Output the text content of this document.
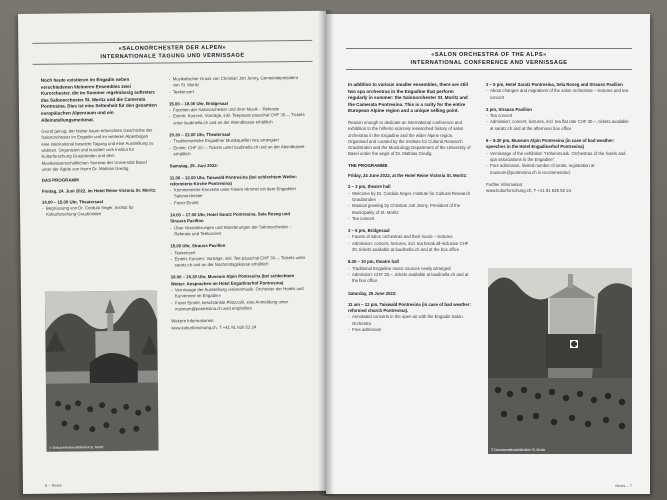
«SALONORCHESTER DER ALPEN»
INTERNATIONALE TAGUNG UND VERNISSAGE

Noch heute existieren im Engadin neben verschiedenen kleineren Ensembles zwei Kurorchester, die im Sommer regelmässig auftreten: das Salonorchester St. Moritz und die Camerata Pontresina. Dies ist eine Seltenheit für den gesamten europäischen Alpenraum und ein Alleinstellungsmerkmal.

Grund genug, der bisher kaum erforschten Geschichte der Salonorchester im Engadin und im weiteren Alpenbogen eine international besetzte Tagung und eine Ausstellung zu widmen. Organisiert und kuratiert vom Institut für Kulturforschung Graubünden und dem Musikwissenschaftlichen Seminar der Universität Basel unter der Ägide von Herrn Dr. Mathias Gredig.

DAS PROGRAMM

Freitag, 24. Juni 2022, im Hotel Reine Victoria St. Moritz:

14.00 – 15.00 Uhr, Theatersaal

- Begrüssung von Dr. Cordula Seger, Institut für Kulturforschung Graubünden
© Dokumentationsbibliothek St. Moritz
- Musikalischer Gruss von Christian Jott Jenny, Gemeindepräsident von St. Moritz
- Teekonzert

15.00 – 18.00 Uhr, Bridgesaal

- Facetten der Salonorchester und ihrer Musik – Referate
- Eintritt: Konzert, Vorträge, inkl. Teepause pauschal CHF 30.–, Tickets unter laudinella.ch und an der Abendkasse erhältlich

20.30 – 22.00 Uhr, Theatersaal

- Traditionsreiche Engadiner Musikquellen neu arrangiert
- Eintritt: CHF 20.–, Tickets unter laudinella.ch und an der Abendkasse erhältlich

Samstag, 25. Juni 2022:

11.00 – 12.00 Uhr, Taiswald Pontresina (bei schlechtem Wetter: reformierte Kirche Pontresina)

- Kommentierte Konzerte unter freiem Himmel mit dem Engadiner Salonorchester
- Freier Eintritt

14.00 – 17.00 Uhr, Hotel Saratz Pontresina, Sela Roseg und Strauss Pavillon

- Über Veränderungen und Wanderungen der Salonorchester – Referate und Teekonzert

15.00 Uhr, Strauss Pavillon

- Teekonzert
- Eintritt: Konzert, Vorträge, inkl. Tee pauschal CHF 30.–, Tickets unter saratz.ch und an der Nachmittagskasse erhältlich

18.00 – 20.30 Uhr, Museum Alpin Pontresina (bei schlechtem Wetter: Ansprachen im Hotel Engadinerhof Pontresina)

- Vernissage der Ausstellung «Hörenmusik. Orchester der Hotels und Kurvereine im Engadin»
- Freier Eintritt, beschränkte Platzzahl, eine Anmeldung unter museum@pontresina.ch wird empfohlen

Weitere Informationen:

www.kulturforschung.ch, T +41 81 826 52 24

6 – News
«SALON ORCHESTRA OF THE ALPS»
INTERNATIONAL CONFERENCE AND VERNISSAGE

In addition to various smaller ensembles, there are still two spa orchestras in the Engadine that perform regularly in summer: the Salonorchester St. Moritz and the Camerata Pontresina. This is a rarity for the entire European Alpine region and a unique selling point.

Reason enough to dedicate an international conference and exhibition to the hitherto scarcely researched history of salon orchestras in the Engadine and the wider Alpine region. Organised and curated by the Institute for Cultural Research Graubünden and the Musicology Department of the University of Basel under the aegis of Dr. Mathias Gredig.

THE PROGRAMME

Friday, 24 June 2022, at the Hotel Reine Victoria St. Moritz:

2 – 3 pm, theatre hall

- Welcome by Dr. Cordula Seger, Institute for Cultural Research Graubünden
- Musical greeting by Christian Jott Jenny, President of the Municipality of St. Moritz
- Tea concert

3 – 6 pm, Bridgesaal

- Facets of salon orchestras and their music – lectures
- Admission: concert, lectures, incl. tea break all-inclusive CHF 30, tickets available at laudinella.ch and at the box office

8.30 – 10 pm, theatre hall

- Traditional Engadine music sources newly arranged
- Admission: CHF 20.–, tickets available at laudinella.ch and at the box office

Saturday, 25 June 2022:

11 am – 12 pm, Taiswald Pontresina (in case of bad weather: reformed church Pontresina).

- Annotated concerts in the open air with the Engadin Salon Orchestra
- Free admission

2 – 5 pm, Hotel Saratz Pontresina, Sela Roseg and Strauss Pavilion

- About changes and migrations of the salon orchestras – lectures and tea concert

3 pm, Strauss Pavilion

- Tea concert
- Admission: concert, lectures, incl. tea flat rate CHF 30.–, tickets available at saratz.ch and at the afternoon box office

6 – 8.30 pm, Museum Alpin Pontresina (in case of bad weather: speeches in the Hotel Engadinerhof Pontresina)

- Vernissage of the exhibition “Höhenmusik. Orchestras of the hotels and spa associations in the Engadine”.
- Free admission, limited number of seats, registration at museum@pontresina.ch is recommended.

Further information:

www.kulturforschung.ch, T +41 81 826 52 24

© Dokumentationsbibliothek St. Moritz
News – 7
